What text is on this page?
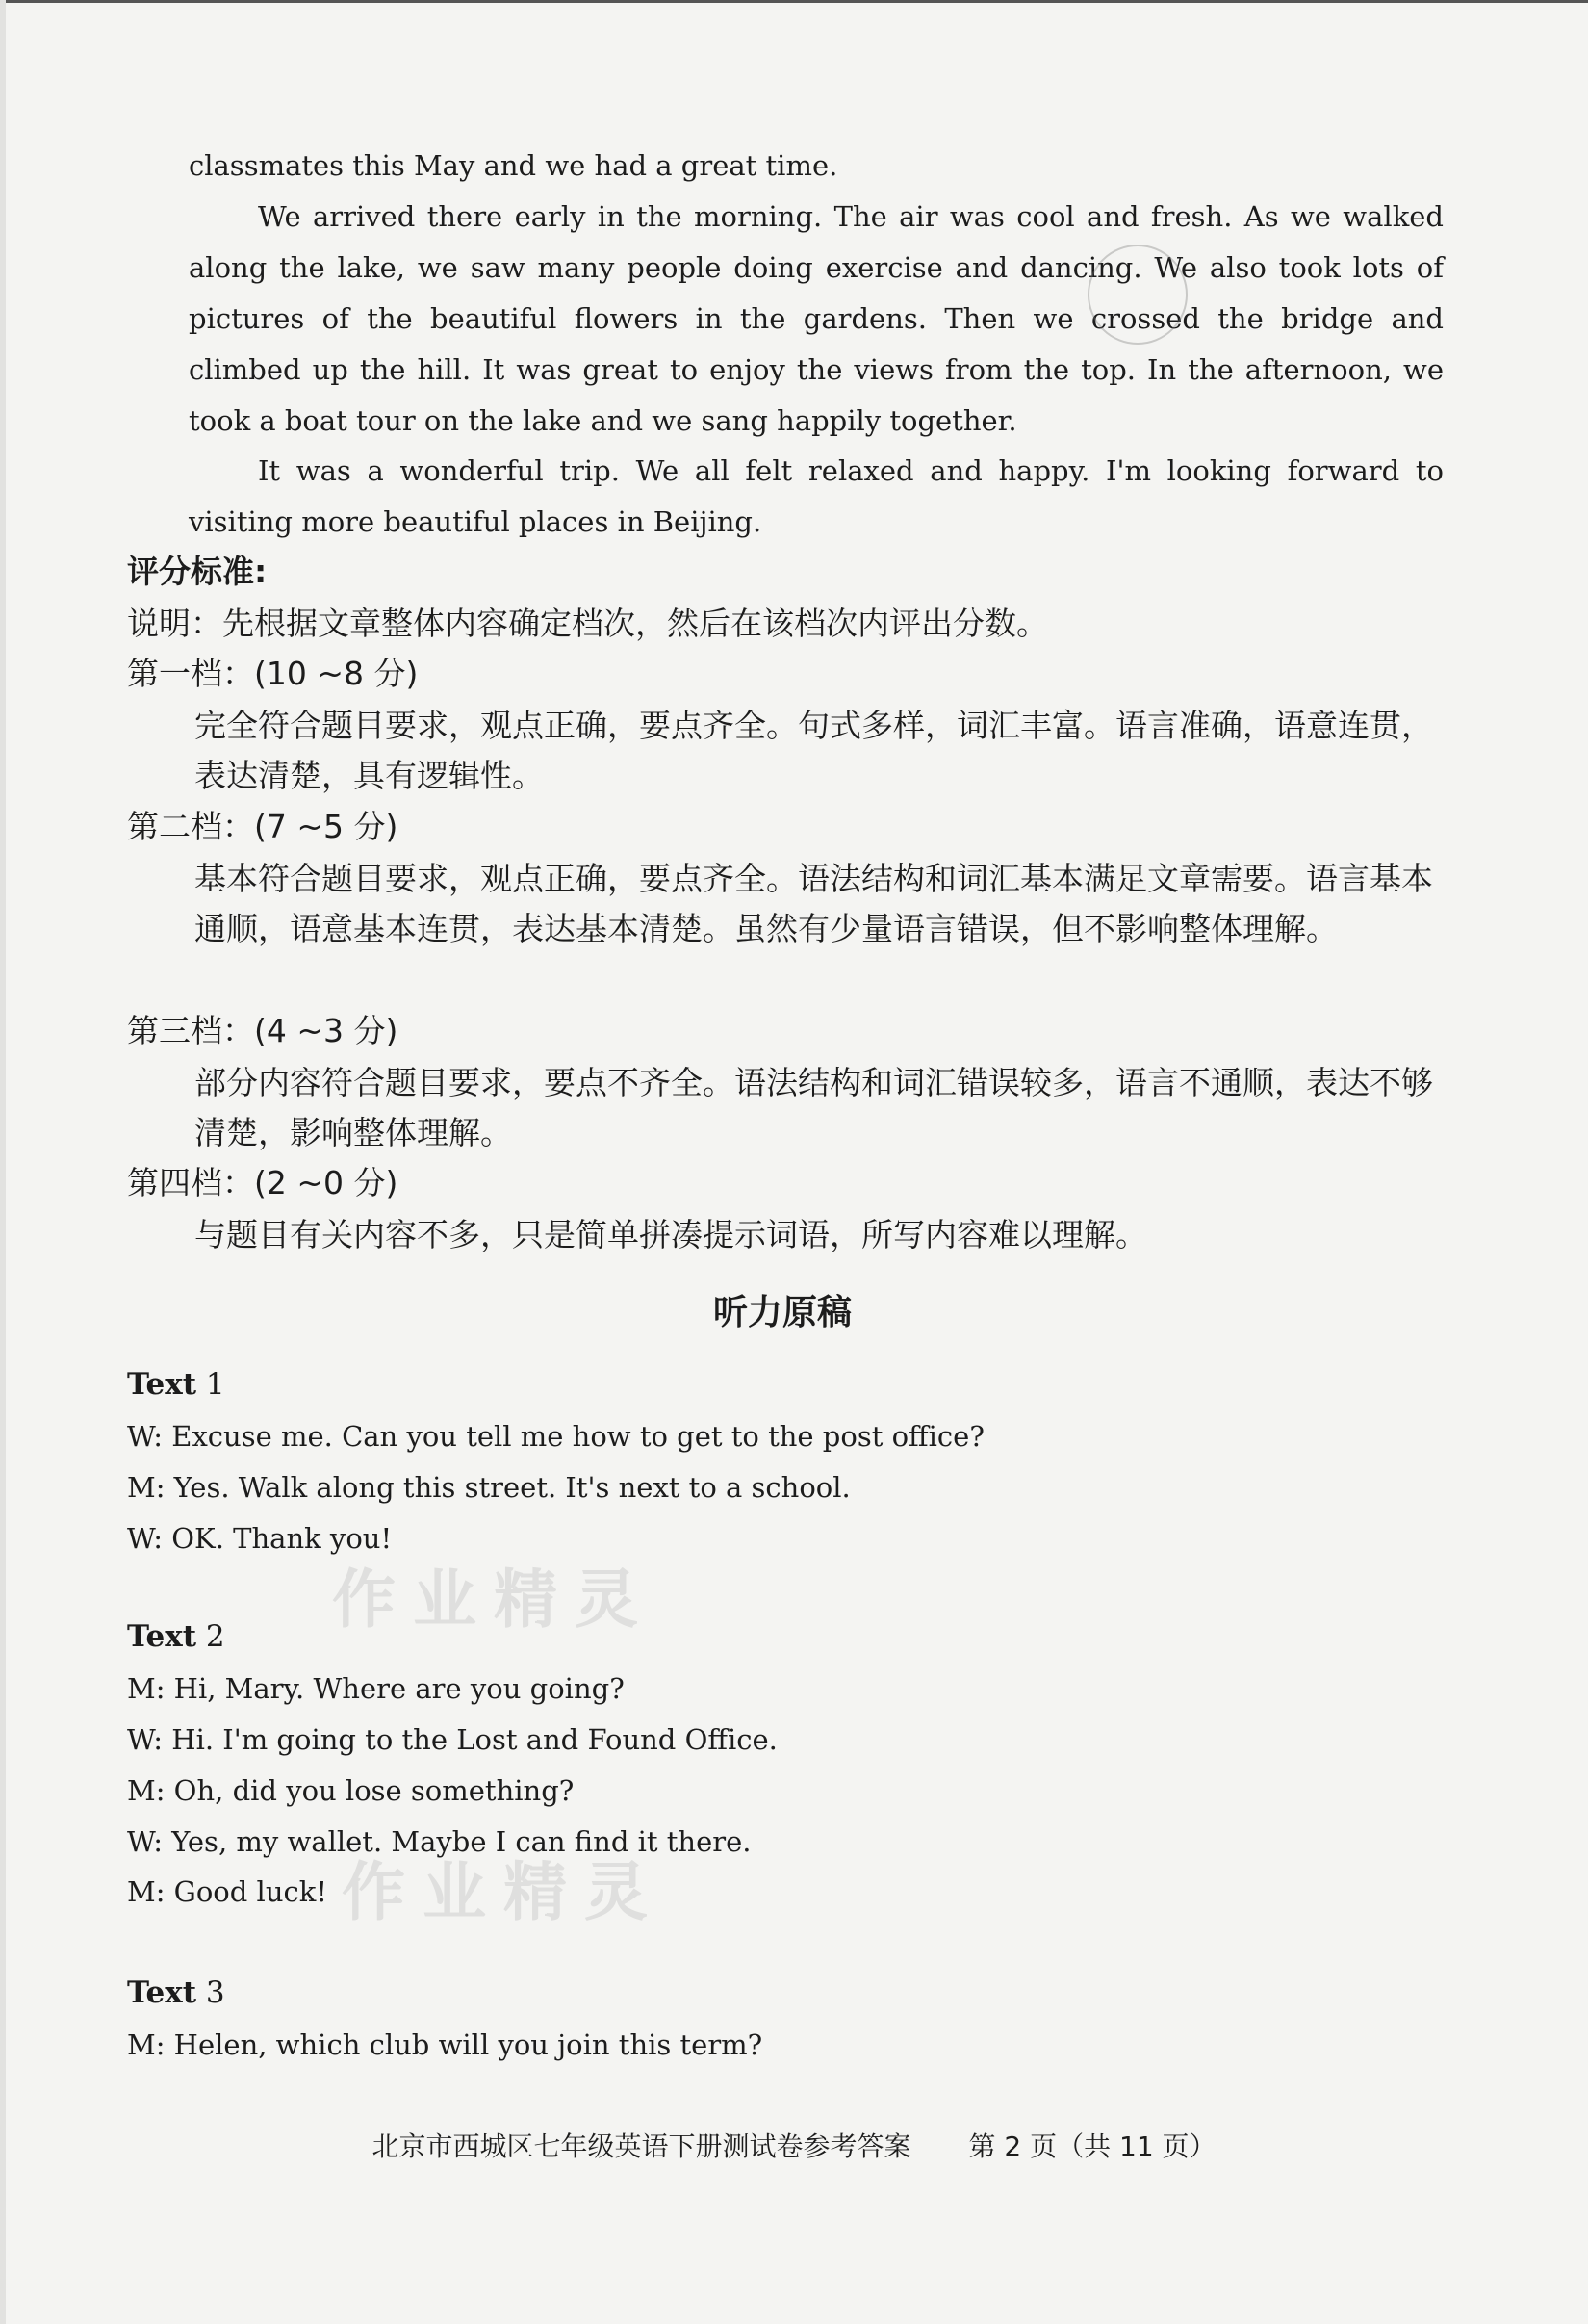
classmates this May and we had a great time.

We arrived there early in the morning. The air was cool and fresh. As we walked along the lake, we saw many people doing exercise and dancing. We also took lots of pictures of the beautiful flowers in the gardens. Then we crossed the bridge and climbed up the hill. It was great to enjoy the views from the top. In the afternoon, we took a boat tour on the lake and we sang happily together.

It was a wonderful trip. We all felt relaxed and happy. I'm looking forward to visiting more beautiful places in Beijing.

评分标准:

说明：先根据文章整体内容确定档次，然后在该档次内评出分数。

第一档：(10 ~8 分)

完全符合题目要求，观点正确，要点齐全。句式多样，词汇丰富。语言准确，语意连贯，表达清楚，具有逻辑性。

第二档：(7 ~5 分)

基本符合题目要求，观点正确，要点齐全。语法结构和词汇基本满足文章需要。语言基本通顺，语意基本连贯，表达基本清楚。虽然有少量语言错误，但不影响整体理解。

第三档：(4 ~3 分)

部分内容符合题目要求，要点不齐全。语法结构和词汇错误较多，语言不通顺，表达不够清楚，影响整体理解。

第四档：(2 ~0 分)

与题目有关内容不多，只是简单拼凑提示词语，所写内容难以理解。

听力原稿

Text 1

W: Excuse me. Can you tell me how to get to the post office?

M: Yes. Walk along this street. It's next to a school.

W: OK. Thank you!

作业精灵

Text 2

M: Hi, Mary. Where are you going?

W: Hi. I'm going to the Lost and Found Office.

M: Oh, did you lose something?

W: Yes, my wallet. Maybe I can find it there.

M: Good luck! 作业精灵

Text 3

M: Helen, which club will you join this term?

北京市西城区七年级英语下册测试卷参考答案 第 2 页（共 11 页）
